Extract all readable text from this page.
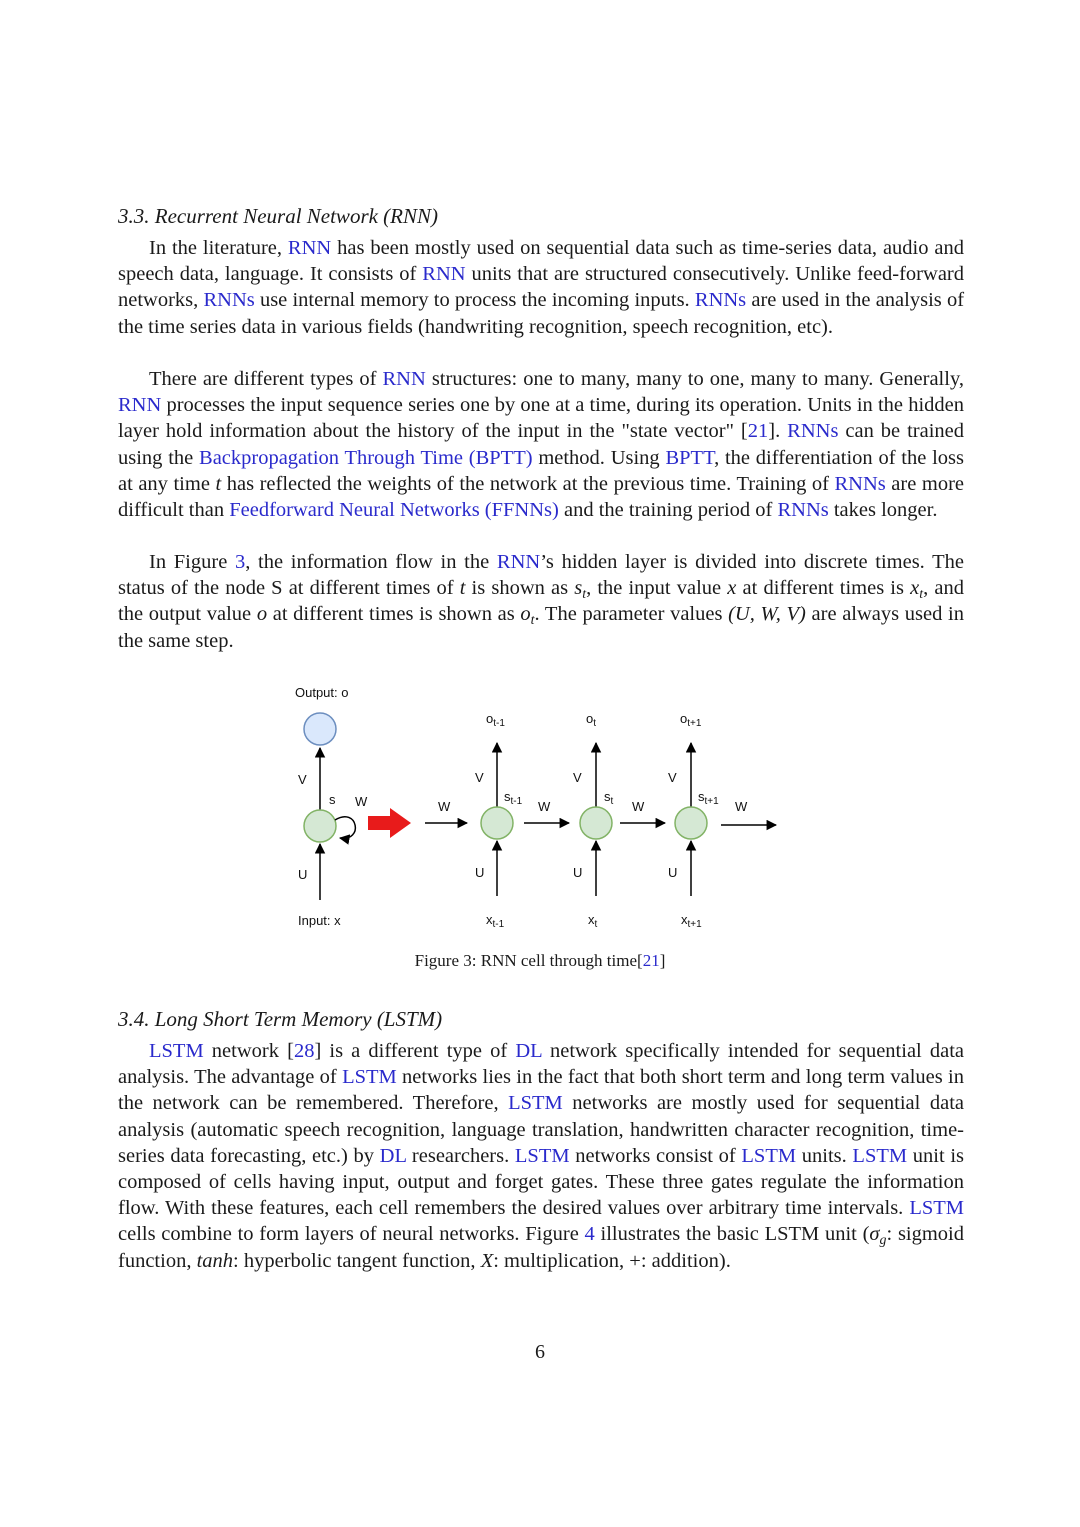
3.3. Recurrent Neural Network (RNN)

In the literature, RNN has been mostly used on sequential data such as time-series data, audio and speech data, language. It consists of RNN units that are structured consecutively. Unlike feed-forward networks, RNNs use internal memory to process the incoming inputs. RNNs are used in the analysis of the time series data in various fields (handwriting recognition, speech recognition, etc).

There are different types of RNN structures: one to many, many to one, many to many. Generally, RNN processes the input sequence series one by one at a time, during its operation. Units in the hidden layer hold information about the history of the input in the "state vector" [21]. RNNs can be trained using the Backpropagation Through Time (BPTT) method. Using BPTT, the differentiation of the loss at any time t has reflected the weights of the network at the previous time. Training of RNNs are more difficult than Feedforward Neural Networks (FFNNs) and the training period of RNNs takes longer.

In Figure 3, the information flow in the RNN’s hidden layer is divided into discrete times. The status of the node S at different times of t is shown as $s_t$, the input value x at different times is $x_t$, and the output value o at different times is shown as $o_t$. The parameter values (U, W, V) are always used in the same step.

Output: o
V
s W
U
Input: x
W
$o_{t-1}$
V
$s_{t-1}$
U
$x_{t-1}$
W
$o_t$
V
$s_t$
U
$x_t$
W
$o_{t+1}$
V
$s_{t+1}$
U
$x_{t+1}$
W
Figure 3: RNN cell through time[21]
3.4. Long Short Term Memory (LSTM)

LSTM network [28] is a different type of DL network specifically intended for sequential data analysis. The advantage of LSTM networks lies in the fact that both short term and long term values in the network can be remembered. Therefore, LSTM networks are mostly used for sequential data analysis (automatic speech recognition, language translation, handwritten character recognition, time-series data forecasting, etc.) by DL researchers. LSTM networks consist of LSTM units. LSTM unit is composed of cells having input, output and forget gates. These three gates regulate the information flow. With these features, each cell remembers the desired values over arbitrary time intervals. LSTM cells combine to form layers of neural networks. Figure 4 illustrates the basic LSTM unit ($\sigma_g$: sigmoid function, tanh: hyperbolic tangent function, X: multiplication, +: addition).

6
